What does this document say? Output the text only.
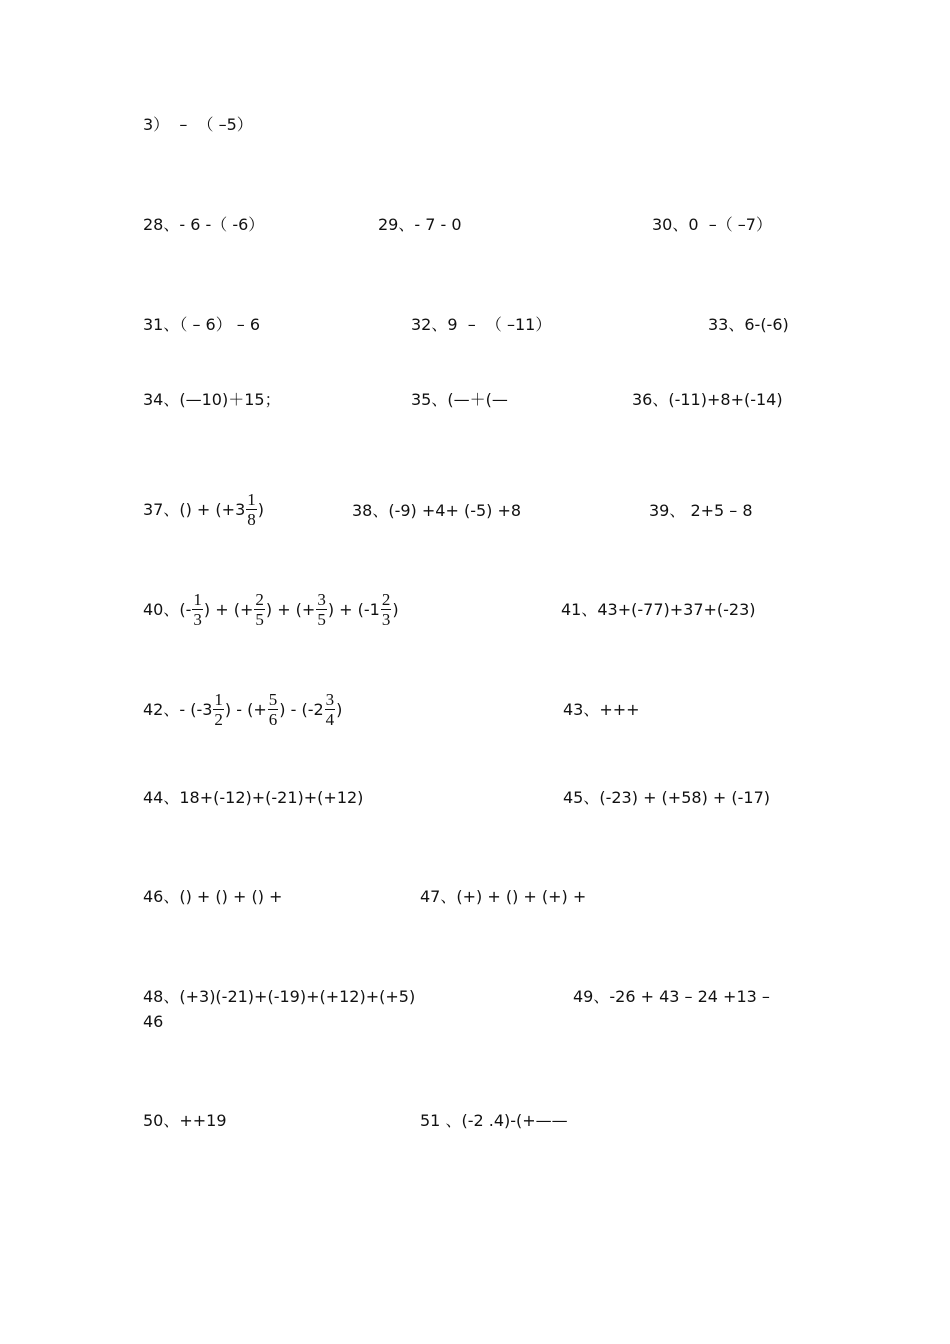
3）  –  （ –5）
28、- 6 -（ -6）	29、- 7 - 0	30、0  –（ –7）
31、（ – 6） – 6	32、9  –  （ –11）	33、6-(-6)
34、(—10)＋15；	35、(—＋(—	36、(-11)+8+(-14)
37、() + ($+3 \frac{1}{8}$ )	38、(-9) +4+ (-5) +8	39、 2+5 – 8
40、(- $\frac{1}{3}$ ) + (+ $\frac{2}{5}$ ) + (+ $\frac{3}{5}$ ) + ($-1 \frac{2}{3}$ )	41、43+(-77)+37+(-23)
42、- ($-3 \frac{1}{2}$ ) - (+ $\frac{5}{6}$ ) - ($-2 \frac{3}{4}$ )	43、+++
44、18+(-12)+(-21)+(+12)	45、(-23) + (+58) + (-17)
46、() + () + () +	47、(+) + () + (+) +
48、(+3)(-21)+(-19)+(+12)+(+5)	49、-26 + 43 – 24 +13 –
46
50、++19	51 、(-2 .4)-(+——
